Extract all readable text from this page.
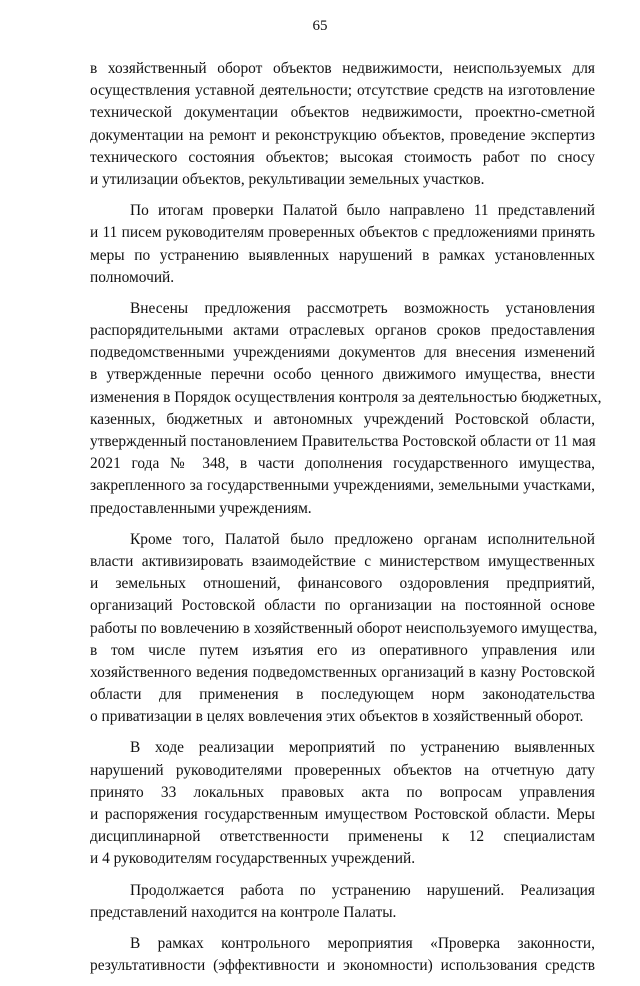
65
в хозяйственный оборот объектов недвижимости, неиспользуемых для
осуществления уставной деятельности; отсутствие средств на изготовление
технической документации объектов недвижимости, проектно-сметной
документации на ремонт и реконструкцию объектов, проведение экспертиз
технического состояния объектов; высокая стоимость работ по сносу
и утилизации объектов, рекультивации земельных участков.
По итогам проверки Палатой было направлено 11 представлений
и 11 писем руководителям проверенных объектов с предложениями принять
меры по устранению выявленных нарушений в рамках установленных
полномочий.
Внесены предложения рассмотреть возможность установления
распорядительными актами отраслевых органов сроков предоставления
подведомственными учреждениями документов для внесения изменений
в утвержденные перечни особо ценного движимого имущества, внести
изменения в Порядок осуществления контроля за деятельностью бюджетных,
казенных, бюджетных и автономных учреждений Ростовской области,
утвержденный постановлением Правительства Ростовской области от 11 мая
2021 года № 348, в части дополнения государственного имущества,
закрепленного за государственными учреждениями, земельными участками,
предоставленными учреждениям.
Кроме того, Палатой было предложено органам исполнительной
власти активизировать взаимодействие с министерством имущественных
и земельных отношений, финансового оздоровления предприятий,
организаций Ростовской области по организации на постоянной основе
работы по вовлечению в хозяйственный оборот неиспользуемого имущества,
в том числе путем изъятия его из оперативного управления или
хозяйственного ведения подведомственных организаций в казну Ростовской
области для применения в последующем норм законодательства
о приватизации в целях вовлечения этих объектов в хозяйственный оборот.
В ходе реализации мероприятий по устранению выявленных
нарушений руководителями проверенных объектов на отчетную дату
принято 33 локальных правовых акта по вопросам управления
и распоряжения государственным имуществом Ростовской области. Меры
дисциплинарной ответственности применены к 12 специалистам
и 4 руководителям государственных учреждений.
Продолжается работа по устранению нарушений. Реализация
представлений находится на контроле Палаты.
В рамках контрольного мероприятия «Проверка законности,
результативности (эффективности и экономности) использования средств
